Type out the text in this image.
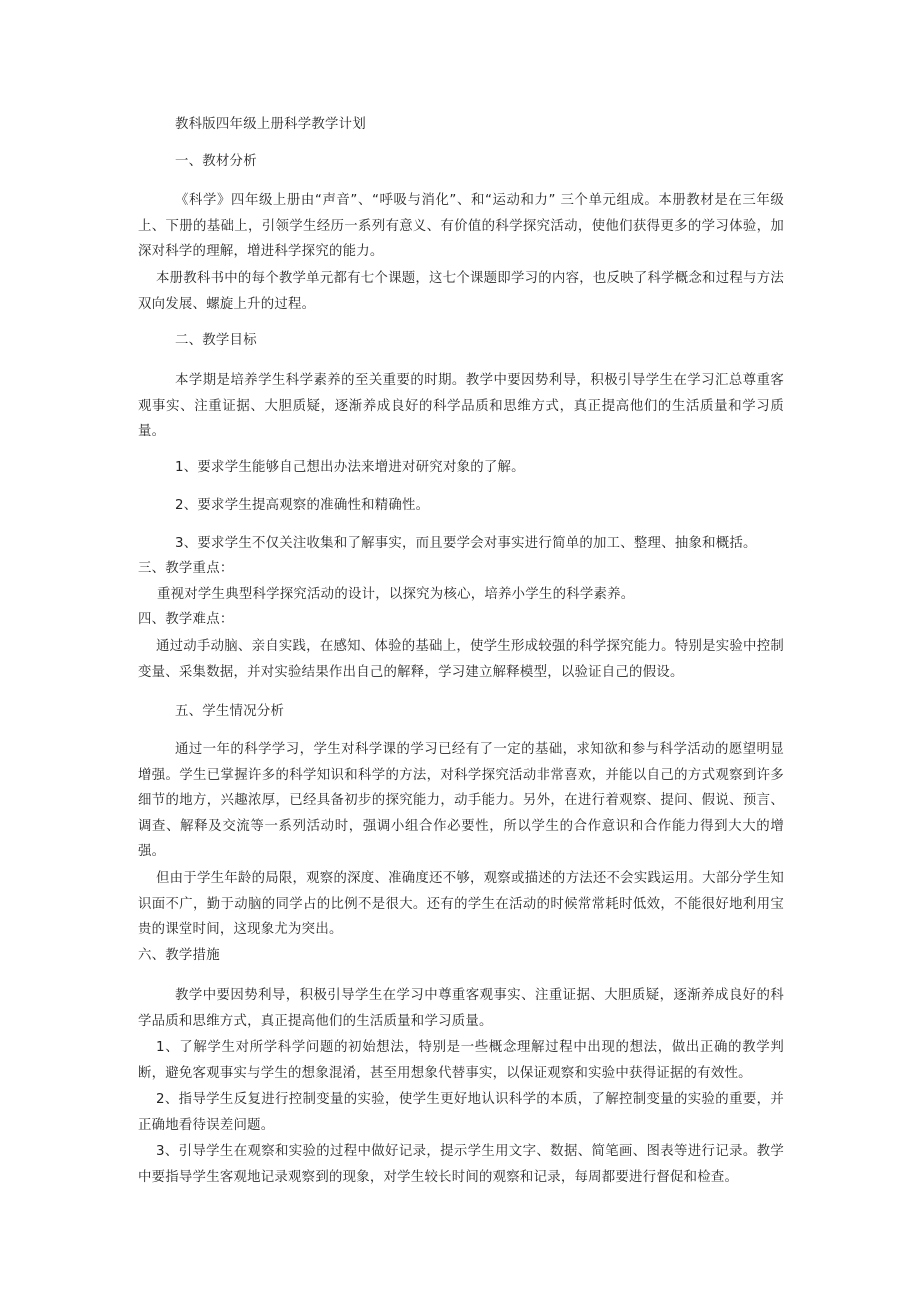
教科版四年级上册科学教学计划
一、教材分析
《科学》四年级上册由“声音”、“呼吸与消化”、和“运动和力” 三个单元组成。本册教材是在三年级上、下册的基础上，引领学生经历一系列有意义、有价值的科学探究活动，使他们获得更多的学习体验，加深对科学的理解，增进科学探究的能力。
本册教科书中的每个教学单元都有七个课题，这七个课题即学习的内容，也反映了科学概念和过程与方法双向发展、螺旋上升的过程。
二、教学目标
本学期是培养学生科学素养的至关重要的时期。教学中要因势利导，积极引导学生在学习汇总尊重客观事实、注重证据、大胆质疑，逐渐养成良好的科学品质和思维方式，真正提高他们的生活质量和学习质量。
1、要求学生能够自己想出办法来增进对研究对象的了解。
2、要求学生提高观察的准确性和精确性。
3、要求学生不仅关注收集和了解事实，而且要学会对事实进行简单的加工、整理、抽象和概括。
三、教学重点：
重视对学生典型科学探究活动的设计，以探究为核心，培养小学生的科学素养。
四、教学难点：
通过动手动脑、亲自实践，在感知、体验的基础上，使学生形成较强的科学探究能力。特别是实验中控制变量、采集数据，并对实验结果作出自己的解释，学习建立解释模型，以验证自己的假设。
五、学生情况分析
通过一年的科学学习，学生对科学课的学习已经有了一定的基础，求知欲和参与科学活动的愿望明显增强。学生已掌握许多的科学知识和科学的方法，对科学探究活动非常喜欢，并能以自己的方式观察到许多细节的地方，兴趣浓厚，已经具备初步的探究能力，动手能力。另外，在进行着观察、提问、假说、预言、调查、解释及交流等一系列活动时，强调小组合作必要性，所以学生的合作意识和合作能力得到大大的增强。
但由于学生年龄的局限，观察的深度、准确度还不够，观察或描述的方法还不会实践运用。大部分学生知识面不广，勤于动脑的同学占的比例不是很大。还有的学生在活动的时候常常耗时低效，不能很好地利用宝贵的课堂时间，这现象尤为突出。
六、教学措施
教学中要因势利导，积极引导学生在学习中尊重客观事实、注重证据、大胆质疑，逐渐养成良好的科学品质和思维方式，真正提高他们的生活质量和学习质量。
1、了解学生对所学科学问题的初始想法，特别是一些概念理解过程中出现的想法，做出正确的教学判断，避免客观事实与学生的想象混淆，甚至用想象代替事实，以保证观察和实验中获得证据的有效性。
2、指导学生反复进行控制变量的实验，使学生更好地认识科学的本质，了解控制变量的实验的重要，并正确地看待误差问题。
3、引导学生在观察和实验的过程中做好记录，提示学生用文字、数据、简笔画、图表等进行记录。教学中要指导学生客观地记录观察到的现象，对学生较长时间的观察和记录，每周都要进行督促和检查。
